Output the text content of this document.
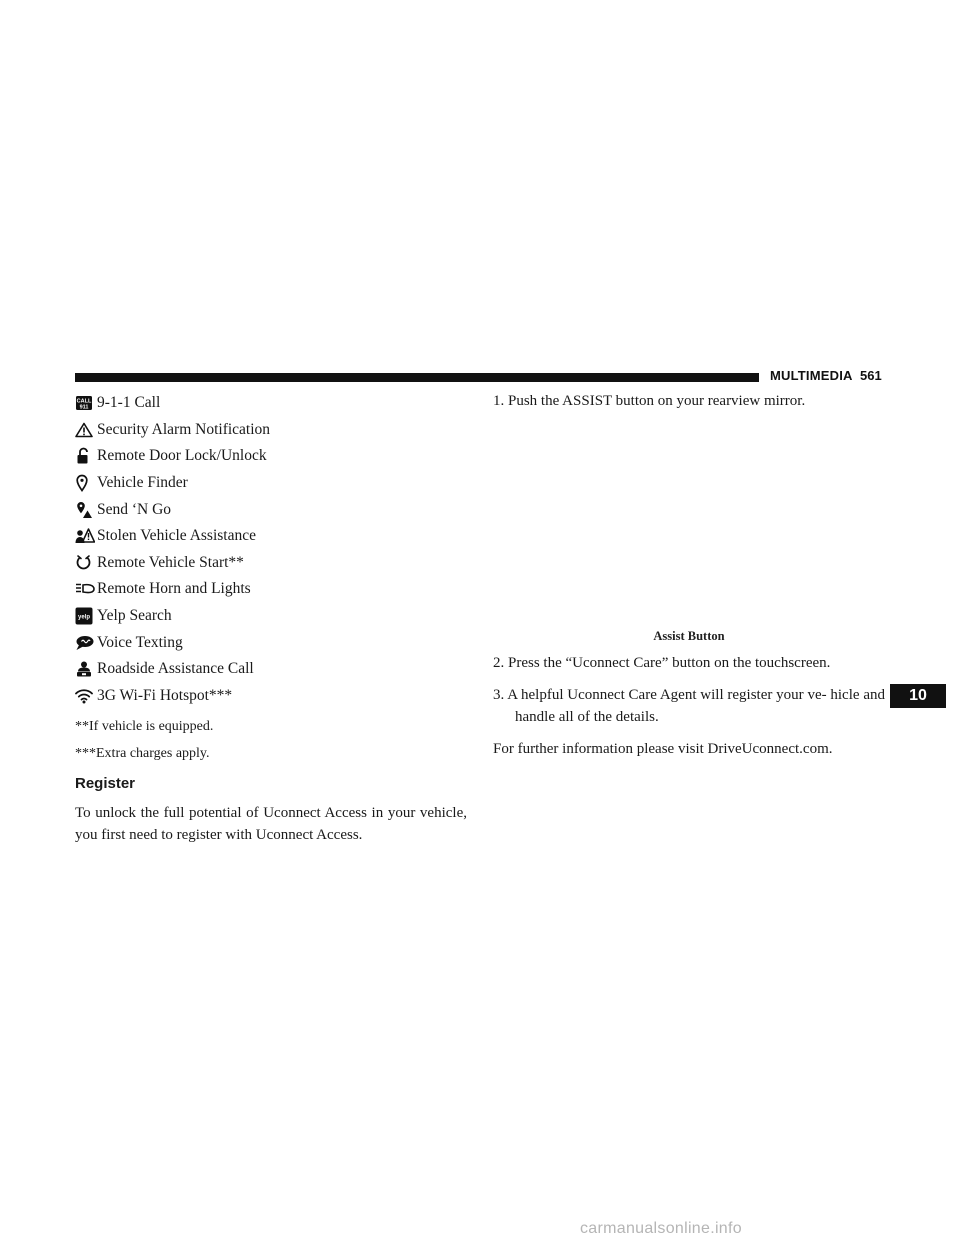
MULTIMEDIA 561
CALL
911 9-1-1 Call
Security Alarm Notification
Remote Door Lock/Unlock
Vehicle Finder
Send ‘N Go
Stolen Vehicle Assistance
Remote Vehicle Start**
Remote Horn and Lights
yelp Yelp Search
Voice Texting
Roadside Assistance Call
3G Wi-Fi Hotspot***

**If vehicle is equipped.

***Extra charges apply.

Register

To unlock the full potential of Uconnect Access in your vehicle, you first need to register with Uconnect Access.

1. Push the ASSIST button on your rearview mirror.

Assist Button

2. Press the “Uconnect Care” button on the touchscreen.

3. A helpful Uconnect Care Agent will register your ve- hicle and handle all of the details.

For further information please visit DriveUconnect.com.

10
carmanualsonline.info
